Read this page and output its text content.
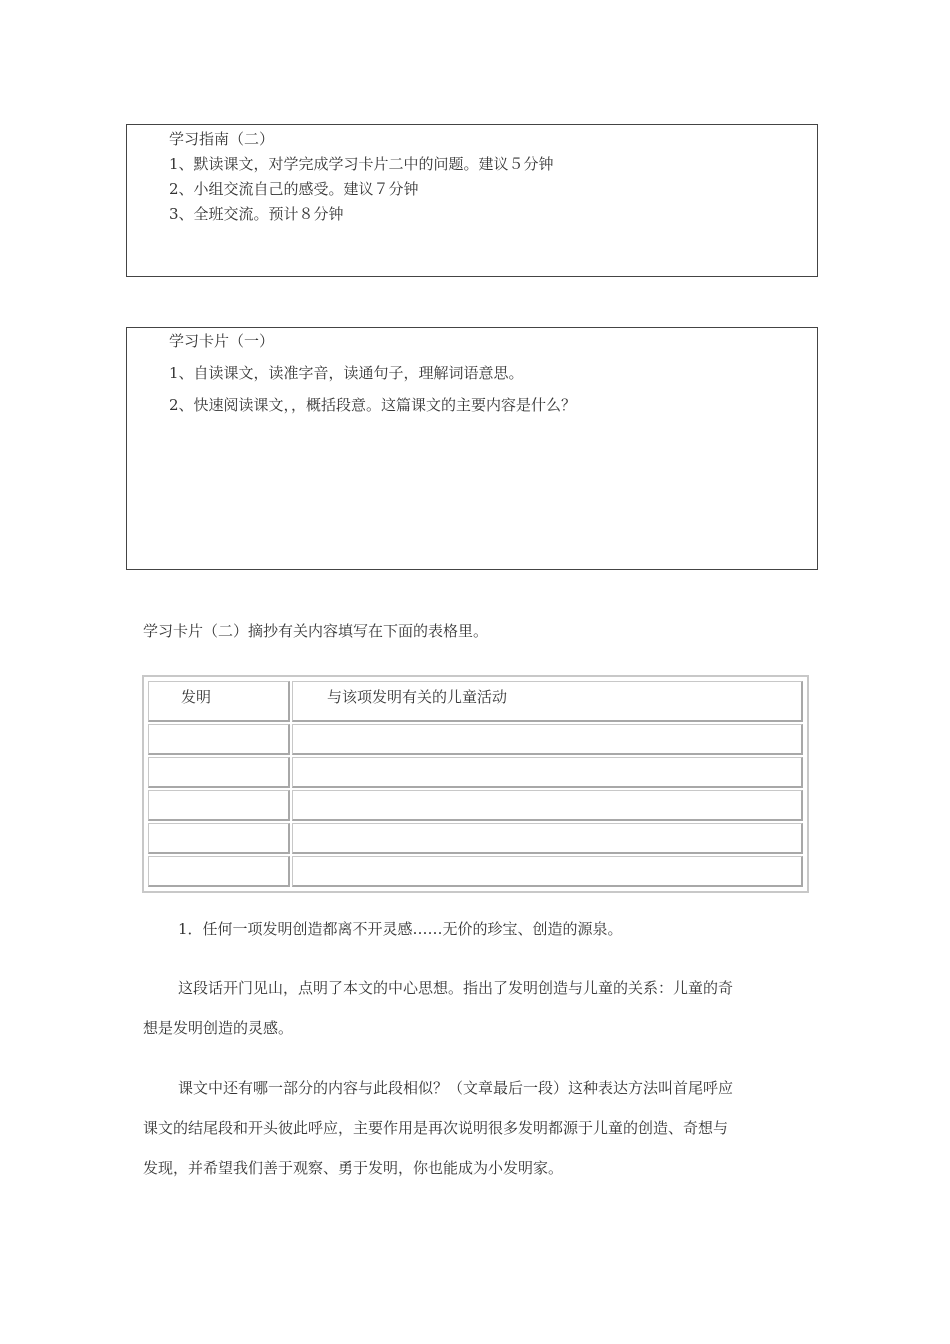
学习指南（二）
1、默读课文，对学完成学习卡片二中的问题。建议５分钟
2、小组交流自己的感受。建议７分钟
3、全班交流。预计８分钟
学习卡片（一）
1、自读课文，读准字音，读通句子，理解词语意思。
2、快速阅读课文，，概括段意。这篇课文的主要内容是什么？
学习卡片（二）摘抄有关内容填写在下面的表格里。
发明	与该项发明有关的儿童活动

1．任何一项发明创造都离不开灵感……无价的珍宝、创造的源泉。
这段话开门见山，点明了本文的中心思想。指出了发明创造与儿童的关系：儿童的奇
想是发明创造的灵感。
课文中还有哪一部分的内容与此段相似？（文章最后一段）这种表达方法叫首尾呼应
课文的结尾段和开头彼此呼应，主要作用是再次说明很多发明都源于儿童的创造、奇想与
发现，并希望我们善于观察、勇于发明，你也能成为小发明家。
